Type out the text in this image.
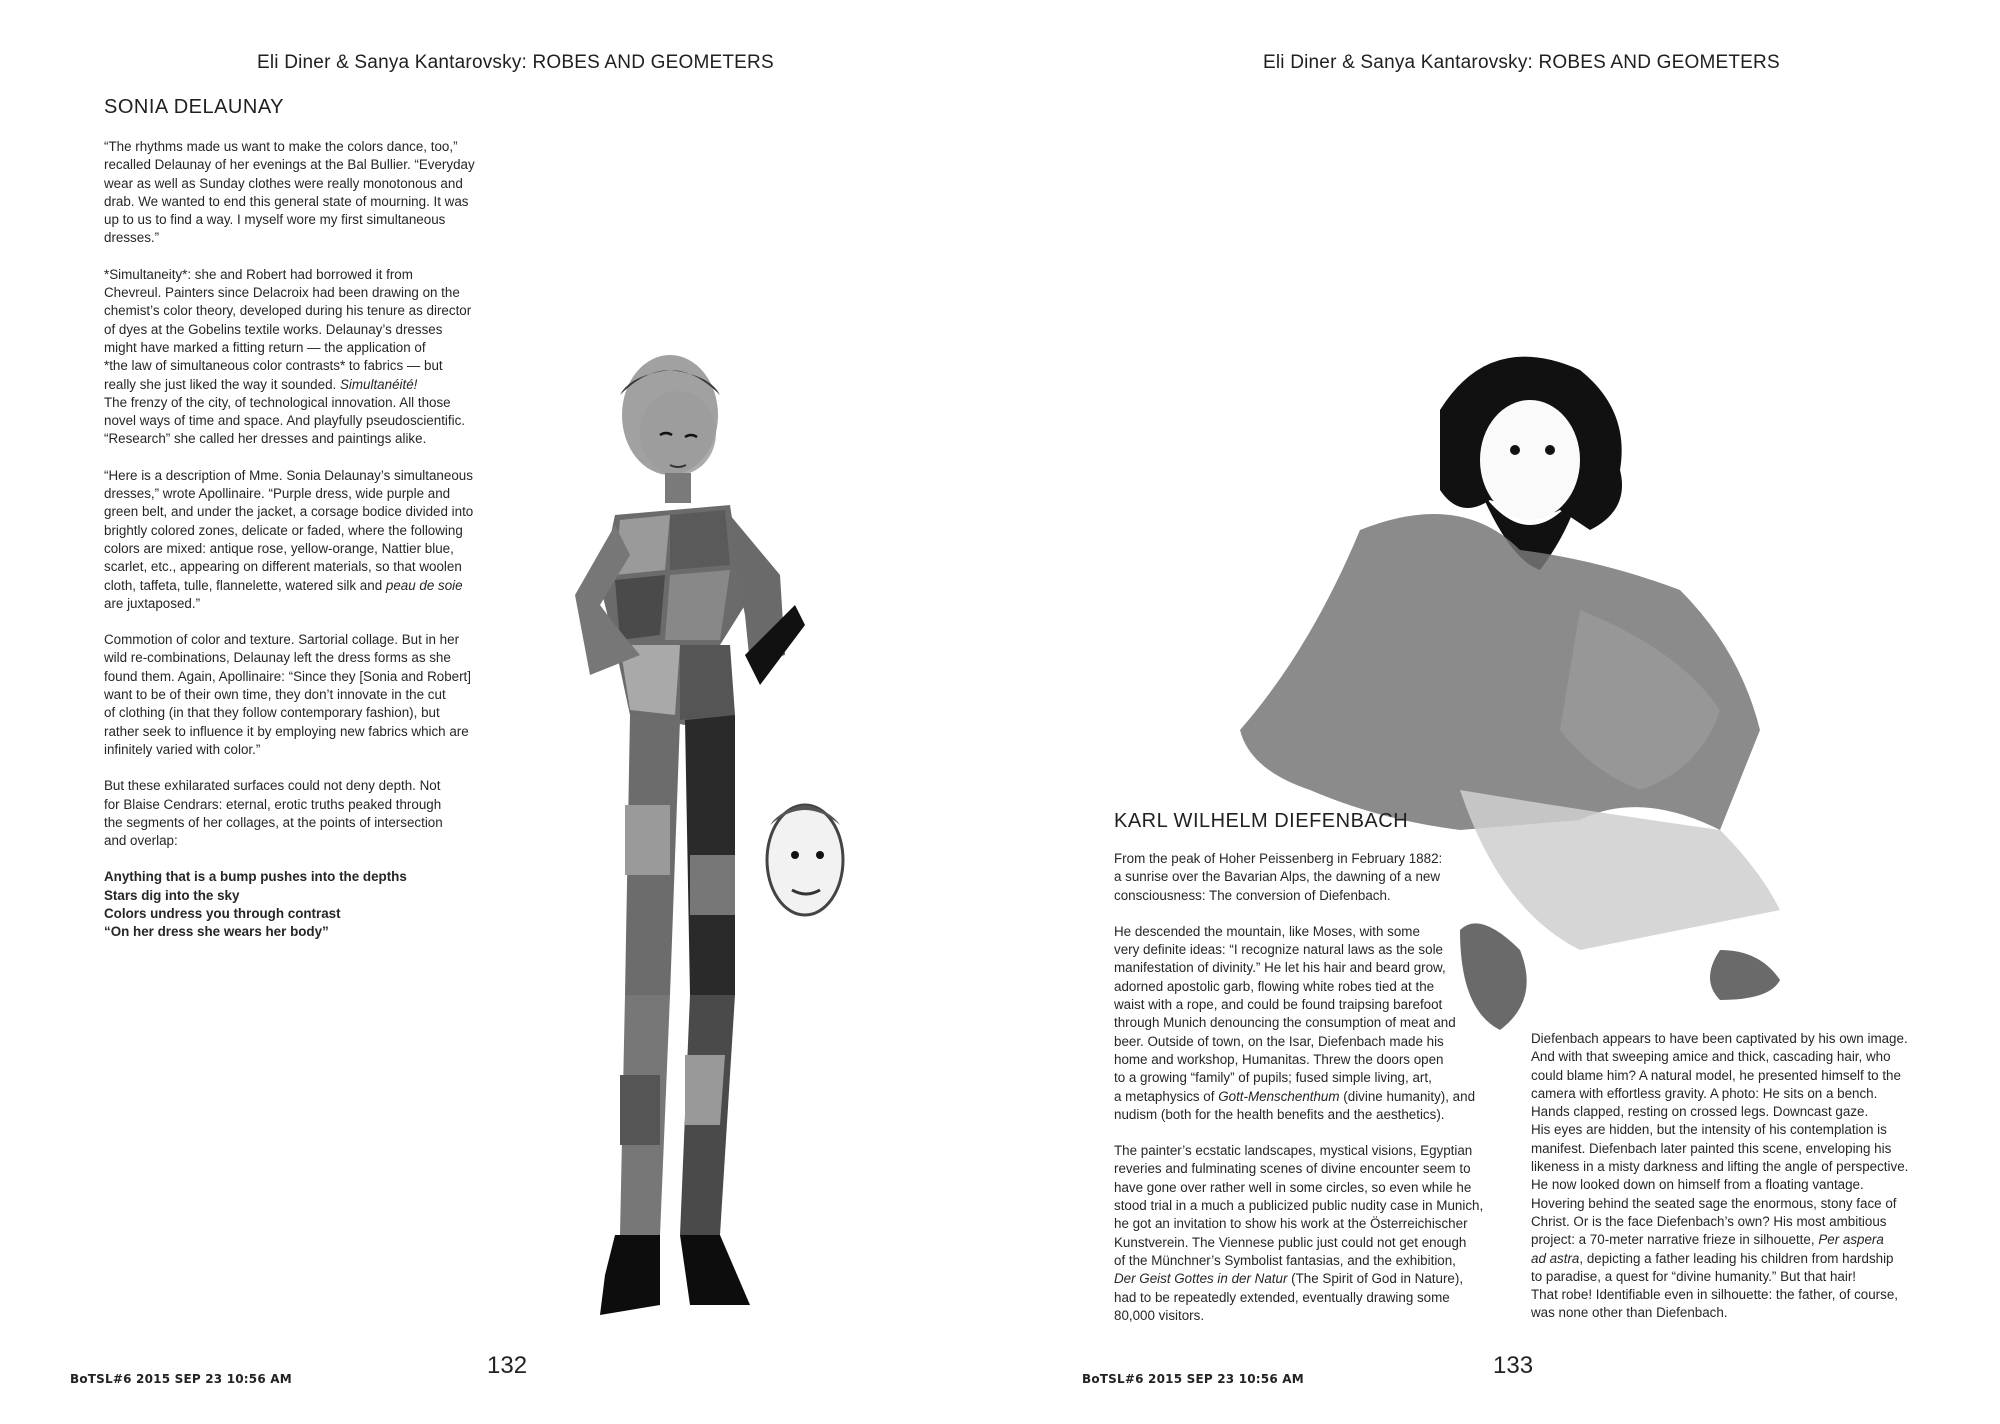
Eli Diner & Sanya Kantarovsky: ROBES AND GEOMETERS
SONIA DELAUNAY

“The rhythms made us want to make the colors dance, too,”
recalled Delaunay of her evenings at the Bal Bullier. “Everyday
wear as well as Sunday clothes were really monotonous and
drab. We wanted to end this general state of mourning. It was
up to us to find a way. I myself wore my first simultaneous
dresses.”

*Simultaneity*: she and Robert had borrowed it from
Chevreul. Painters since Delacroix had been drawing on the
chemist’s color theory, developed during his tenure as director
of dyes at the Gobelins textile works. Delaunay’s dresses
might have marked a fitting return — the application of
*the law of simultaneous color contrasts* to fabrics — but
really she just liked the way it sounded. Simultanéité!
The frenzy of the city, of technological innovation. All those
novel ways of time and space. And playfully pseudoscientific.
“Research” she called her dresses and paintings alike.

“Here is a description of Mme. Sonia Delaunay’s simultaneous
dresses,” wrote Apollinaire. “Purple dress, wide purple and
green belt, and under the jacket, a corsage bodice divided into
brightly colored zones, delicate or faded, where the following
colors are mixed: antique rose, yellow-orange, Nattier blue,
scarlet, etc., appearing on different materials, so that woolen
cloth, taffeta, tulle, flannelette, watered silk and peau de soie
are juxtaposed.”

Commotion of color and texture. Sartorial collage. But in her
wild re-combinations, Delaunay left the dress forms as she
found them. Again, Apollinaire: “Since they [Sonia and Robert]
want to be of their own time, they don’t innovate in the cut
of clothing (in that they follow contemporary fashion), but
rather seek to influence it by employing new fabrics which are
infinitely varied with color.”

But these exhilarated surfaces could not deny depth. Not
for Blaise Cendrars: eternal, erotic truths peaked through
the segments of her collages, at the points of intersection
and overlap:

Anything that is a bump pushes into the depths
Stars dig into the sky
Colors undress you through contrast
“On her dress she wears her body”

132
BoTSL#6 2015 SEP 23 10:56 AM
Eli Diner & Sanya Kantarovsky: ROBES AND GEOMETERS
KARL WILHELM DIEFENBACH

From the peak of Hoher Peissenberg in February 1882:
a sunrise over the Bavarian Alps, the dawning of a new
consciousness: The conversion of Diefenbach.

He descended the mountain, like Moses, with some
very definite ideas: “I recognize natural laws as the sole
manifestation of divinity.” He let his hair and beard grow,
adorned apostolic garb, flowing white robes tied at the
waist with a rope, and could be found traipsing barefoot
through Munich denouncing the consumption of meat and
beer. Outside of town, on the Isar, Diefenbach made his
home and workshop, Humanitas. Threw the doors open
to a growing “family” of pupils; fused simple living, art,
a metaphysics of Gott-Menschenthum (divine humanity), and
nudism (both for the health benefits and the aesthetics).

The painter’s ecstatic landscapes, mystical visions, Egyptian
reveries and fulminating scenes of divine encounter seem to
have gone over rather well in some circles, so even while he
stood trial in a much a publicized public nudity case in Munich,
he got an invitation to show his work at the Österreichischer
Kunstverein. The Viennese public just could not get enough
of the Münchner’s Symbolist fantasias, and the exhibition,
Der Geist Gottes in der Natur (The Spirit of God in Nature),
had to be repeatedly extended, eventually drawing some
80,000 visitors.

Diefenbach appears to have been captivated by his own image.
And with that sweeping amice and thick, cascading hair, who
could blame him? A natural model, he presented himself to the
camera with effortless gravity. A photo: He sits on a bench.
Hands clapped, resting on crossed legs. Downcast gaze.
His eyes are hidden, but the intensity of his contemplation is
manifest. Diefenbach later painted this scene, enveloping his
likeness in a misty darkness and lifting the angle of perspective.
He now looked down on himself from a floating vantage.
Hovering behind the seated sage the enormous, stony face of
Christ. Or is the face Diefenbach’s own? His most ambitious
project: a 70-meter narrative frieze in silhouette, Per aspera
ad astra, depicting a father leading his children from hardship
to paradise, a quest for “divine humanity.” But that hair!
That robe! Identifiable even in silhouette: the father, of course,
was none other than Diefenbach.

133
BoTSL#6 2015 SEP 23 10:56 AM
